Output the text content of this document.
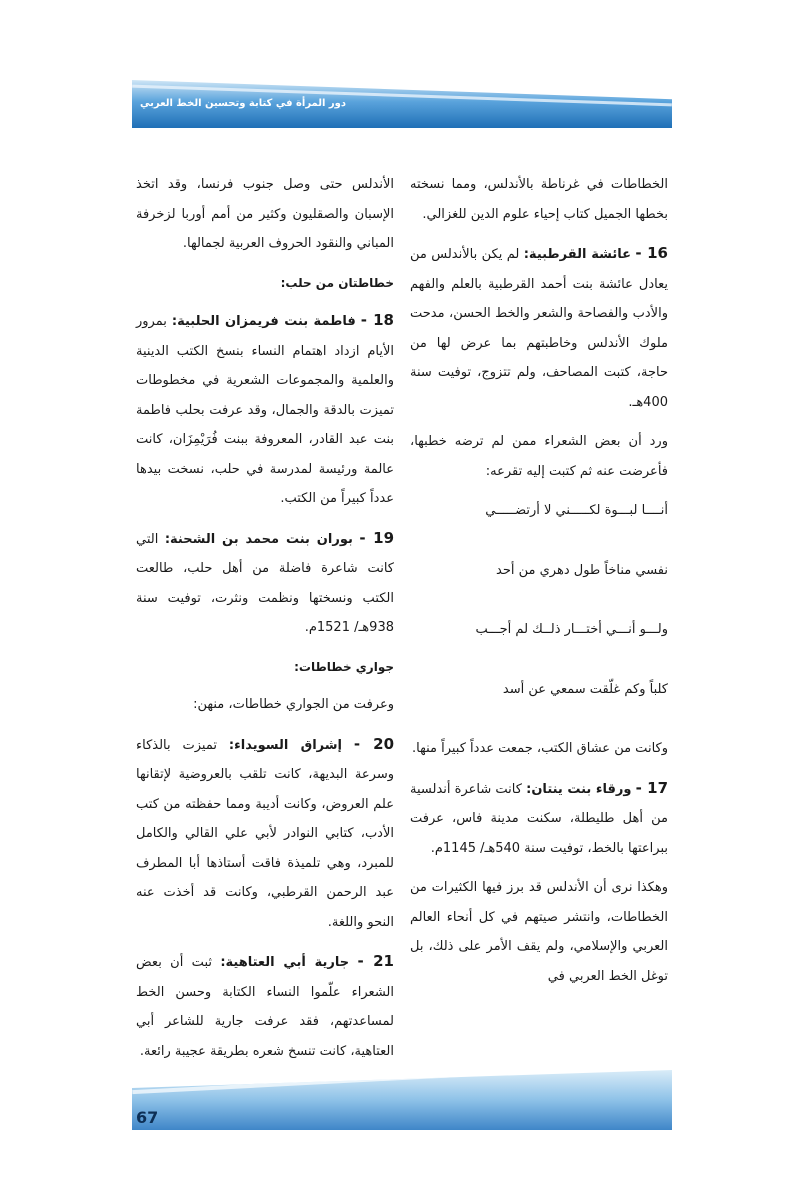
دور المرأة في كتابة وتحسين الخط العربي

الخطاطات في غرناطة بالأندلس، ومما نسخته بخطها الجميل كتاب إحياء علوم الدين للغزالي.

16 - عائشة القرطبية: لم يكن بالأندلس من يعادل عائشة بنت أحمد القرطبية بالعلم والفهم والأدب والفصاحة والشعر والخط الحسن، مدحت ملوك الأندلس وخاطبتهم بما عرض لها من حاجة، كتبت المصاحف، ولم تتزوج، توفيت سنة 400هـ.

ورد أن بعض الشعراء ممن لم ترضه خطبها، فأعرضت عنه ثم كتبت إليه تقرعه:

أنــــا لبـــوة لكـــــني لا أرتضـــــي
نفسي مناخاً طول دهري من أحد
ولـــو أنـــي أختـــار ذلــك لم أجـــب
كلباً وكم غلّقت سمعي عن أسد

وكانت من عشاق الكتب، جمعت عدداً كبيراً منها.

17 - ورقاء بنت ينتان: كانت شاعرة أندلسية من أهل طليطلة، سكنت مدينة فاس، عرفت ببراعتها بالخط، توفيت سنة 540هـ/ 1145م.

وهكذا نرى أن الأندلس قد برز فيها الكثيرات من الخطاطات، وانتشر صيتهم في كل أنحاء العالم العربي والإسلامي، ولم يقف الأمر على ذلك، بل توغل الخط العربي في

الأندلس حتى وصل جنوب فرنسا، وقد اتخذ الإسبان والصقليون وكثير من أمم أوربا لزخرفة المباني والنقود الحروف العربية لجمالها.

خطاطتان من حلب:

18 - فاطمة بنت فريمزان الحلبية: بمرور الأيام ازداد اهتمام النساء بنسخ الكتب الدينية والعلمية والمجموعات الشعرية في مخطوطات تميزت بالدقة والجمال، وقد عرفت بحلب فاطمة بنت عبد القادر، المعروفة ببنت فُرَيْمِزَان، كانت عالمة ورئيسة لمدرسة في حلب، نسخت بيدها عدداً كبيراً من الكتب.

19 - بوران بنت محمد بن الشحنة: التي كانت شاعرة فاضلة من أهل حلب، طالعت الكتب ونسختها ونظمت ونثرت، توفيت سنة 938هـ/ 1521م.

جواري خطاطات:

وعرفت من الجواري خطاطات، منهن:

20 - إشراق السويداء: تميزت بالذكاء وسرعة البديهة، كانت تلقب بالعروضية لإتقانها علم العروض، وكانت أديبة ومما حفظته من كتب الأدب، كتابي النوادر لأبي علي القالي والكامل للمبرد، وهي تلميذة فاقت أستاذها أبا المطرف عبد الرحمن القرطبي، وكانت قد أخذت عنه النحو واللغة.

21 - جارية أبي العتاهية: ثبت أن بعض الشعراء علّموا النساء الكتابة وحسن الخط لمساعدتهم، فقد عرفت جارية للشاعر أبي العتاهية، كانت تنسخ شعره بطريقة عجيبة رائعة.

67
